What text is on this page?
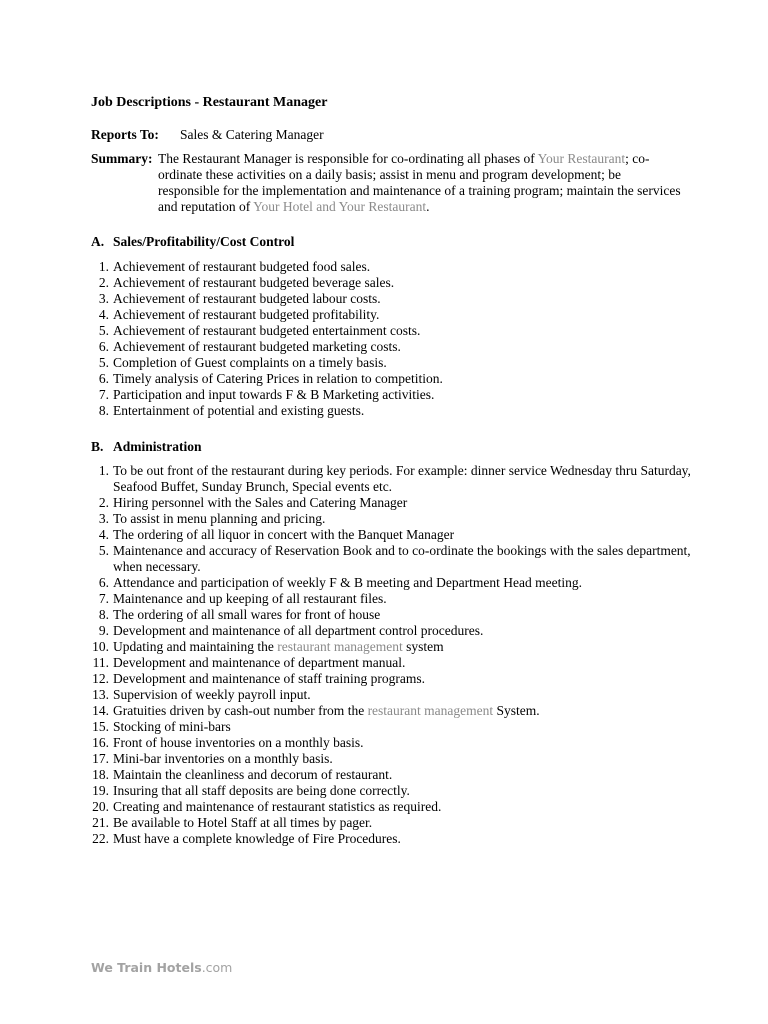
Job Descriptions - Restaurant Manager
Reports To: Sales & Catering Manager
Summary: The Restaurant Manager is responsible for co-ordinating all phases of Your Restaurant; co-ordinate these activities on a daily basis; assist in menu and program development; be responsible for the implementation and maintenance of a training program; maintain the services and reputation of Your Hotel and Your Restaurant.
A. Sales/Profitability/Cost Control
1. Achievement of restaurant budgeted food sales.
2. Achievement of restaurant budgeted beverage sales.
3. Achievement of restaurant budgeted labour costs.
4. Achievement of restaurant budgeted profitability.
5. Achievement of restaurant budgeted entertainment costs.
6. Achievement of restaurant budgeted marketing costs.
5. Completion of Guest complaints on a timely basis.
6. Timely analysis of Catering Prices in relation to competition.
7. Participation and input towards F & B Marketing activities.
8. Entertainment of potential and existing guests.
B. Administration
1. To be out front of the restaurant during key periods. For example: dinner service Wednesday thru Saturday, Seafood Buffet, Sunday Brunch, Special events etc.
2. Hiring personnel with the Sales and Catering Manager
3. To assist in menu planning and pricing.
4. The ordering of all liquor in concert with the Banquet Manager
5. Maintenance and accuracy of Reservation Book and to co-ordinate the bookings with the sales department, when necessary.
6. Attendance and participation of weekly F & B meeting and Department Head meeting.
7. Maintenance and up keeping of all restaurant files.
8. The ordering of all small wares for front of house
9. Development and maintenance of all department control procedures.
10. Updating and maintaining the restaurant management system
11. Development and maintenance of department manual.
12. Development and maintenance of staff training programs.
13. Supervision of weekly payroll input.
14. Gratuities driven by cash-out number from the restaurant management System.
15. Stocking of mini-bars
16. Front of house inventories on a monthly basis.
17. Mini-bar inventories on a monthly basis.
18. Maintain the cleanliness and decorum of restaurant.
19. Insuring that all staff deposits are being done correctly.
20. Creating and maintenance of restaurant statistics as required.
21. Be available to Hotel Staff at all times by pager.
22. Must have a complete knowledge of Fire Procedures.
We Train Hotels.com
